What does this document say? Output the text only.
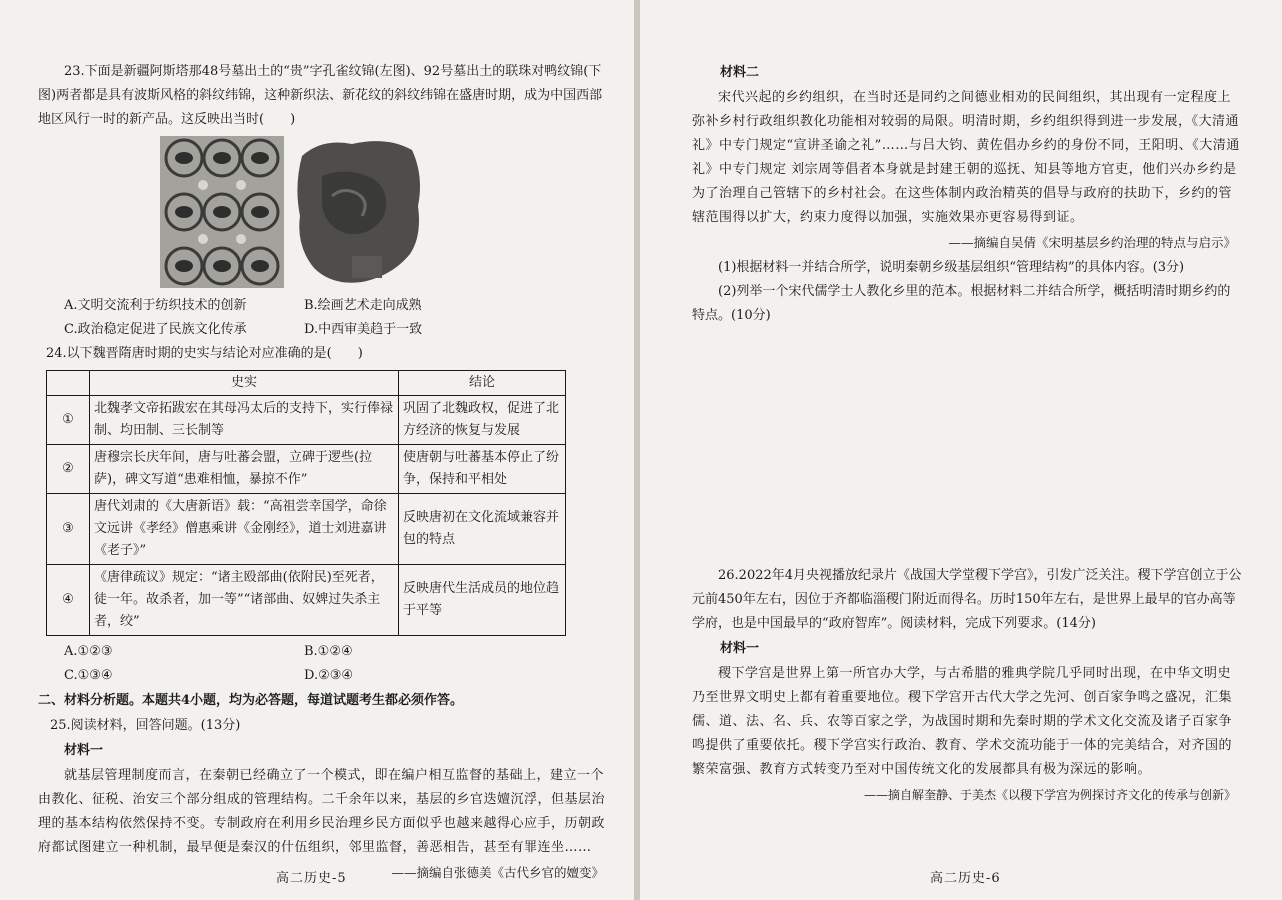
23.下面是新疆阿斯塔那48号墓出土的“贵”字孔雀纹锦(左图)、92号墓出土的联珠对鸭纹锦(下图)两者都是具有波斯风格的斜纹纬锦，这种新织法、新花纹的斜纹纬锦在盛唐时期，成为中国西部地区风行一时的新产品。这反映出当时(　　)

A.文明交流利于纺织技术的创新	B.绘画艺术走向成熟

C.政治稳定促进了民族文化传承	D.中西审美趋于一致

24.以下魏晋隋唐时期的史实与结论对应准确的是(　　)

	史实	结论
①	北魏孝文帝拓跋宏在其母冯太后的支持下，实行俸禄制、均田制、三长制等	巩固了北魏政权，促进了北方经济的恢复与发展
②	唐穆宗长庆年间，唐与吐蕃会盟，立碑于逻些(拉萨)，碑文写道“患难相恤，暴掠不作”	使唐朝与吐蕃基本停止了纷争，保持和平相处
③	唐代刘肃的《大唐新语》载：“高祖尝幸国学，命徐文远讲《孝经》僧惠乘讲《金刚经》，道士刘进嘉讲《老子》”	反映唐初在文化流域兼容并包的特点
④	《唐律疏议》规定：“诸主殴部曲(依附民)至死者，徒一年。故杀者，加一等”“诸部曲、奴婢过失杀主者，绞”	反映唐代生活成员的地位趋于平等

A.①②③	B.①②④

C.①③④	D.②③④

二、材料分析题。本题共4小题，均为必答题，每道试题考生都必须作答。

25.阅读材料，回答问题。(13分)

材料一

就基层管理制度而言，在秦朝已经确立了一个模式，即在编户相互监督的基础上，建立一个由教化、征税、治安三个部分组成的管理结构。二千余年以来，基层的乡官迭嬗沉浮，但基层治理的基本结构依然保持不变。专制政府在利用乡民治理乡民方面似乎也越来越得心应手，历朝政府都试图建立一种机制，最早便是秦汉的什伍组织，邻里监督，善恶相告，甚至有罪连坐……

——摘编自张德美《古代乡官的嬗变》

高二历史-5

材料二

宋代兴起的乡约组织，在当时还是同约之间德业相劝的民间组织，其出现有一定程度上弥补乡村行政组织教化功能相对较弱的局限。明清时期，乡约组织得到进一步发展，《大清通礼》中专门规定“宣讲圣谕之礼”……与吕大钧、黄佐倡办乡约的身份不同，王阳明、《大清通礼》中专门规定 刘宗周等倡者本身就是封建王朝的巡抚、知县等地方官吏，他们兴办乡约是为了治理自己管辖下的乡村社会。在这些体制内政治精英的倡导与政府的扶助下，乡约的管辖范围得以扩大，约束力度得以加强，实施效果亦更容易得到证。

——摘编自吴倩《宋明基层乡约治理的特点与启示》

(1)根据材料一并结合所学，说明秦朝乡级基层组织“管理结构”的具体内容。(3分)

(2)列举一个宋代儒学士人教化乡里的范本。根据材料二并结合所学，概括明清时期乡约的特点。(10分)

26.2022年4月央视播放纪录片《战国大学堂稷下学宫》，引发广泛关注。稷下学宫创立于公元前450年左右，因位于齐都临淄稷门附近而得名。历时150年左右，是世界上最早的官办高等学府，也是中国最早的“政府智库”。阅读材料，完成下列要求。(14分)

材料一

稷下学宫是世界上第一所官办大学，与古希腊的雅典学院几乎同时出现，在中华文明史乃至世界文明史上都有着重要地位。稷下学宫开古代大学之先河、创百家争鸣之盛况，汇集儒、道、法、名、兵、农等百家之学，为战国时期和先秦时期的学术文化交流及诸子百家争鸣提供了重要依托。稷下学宫实行政治、教育、学术交流功能于一体的完美结合，对齐国的繁荣富强、教育方式转变乃至对中国传统文化的发展都具有极为深远的影响。

——摘自解奎静、于美杰《以稷下学宫为例探讨齐文化的传承与创新》

高二历史-6
